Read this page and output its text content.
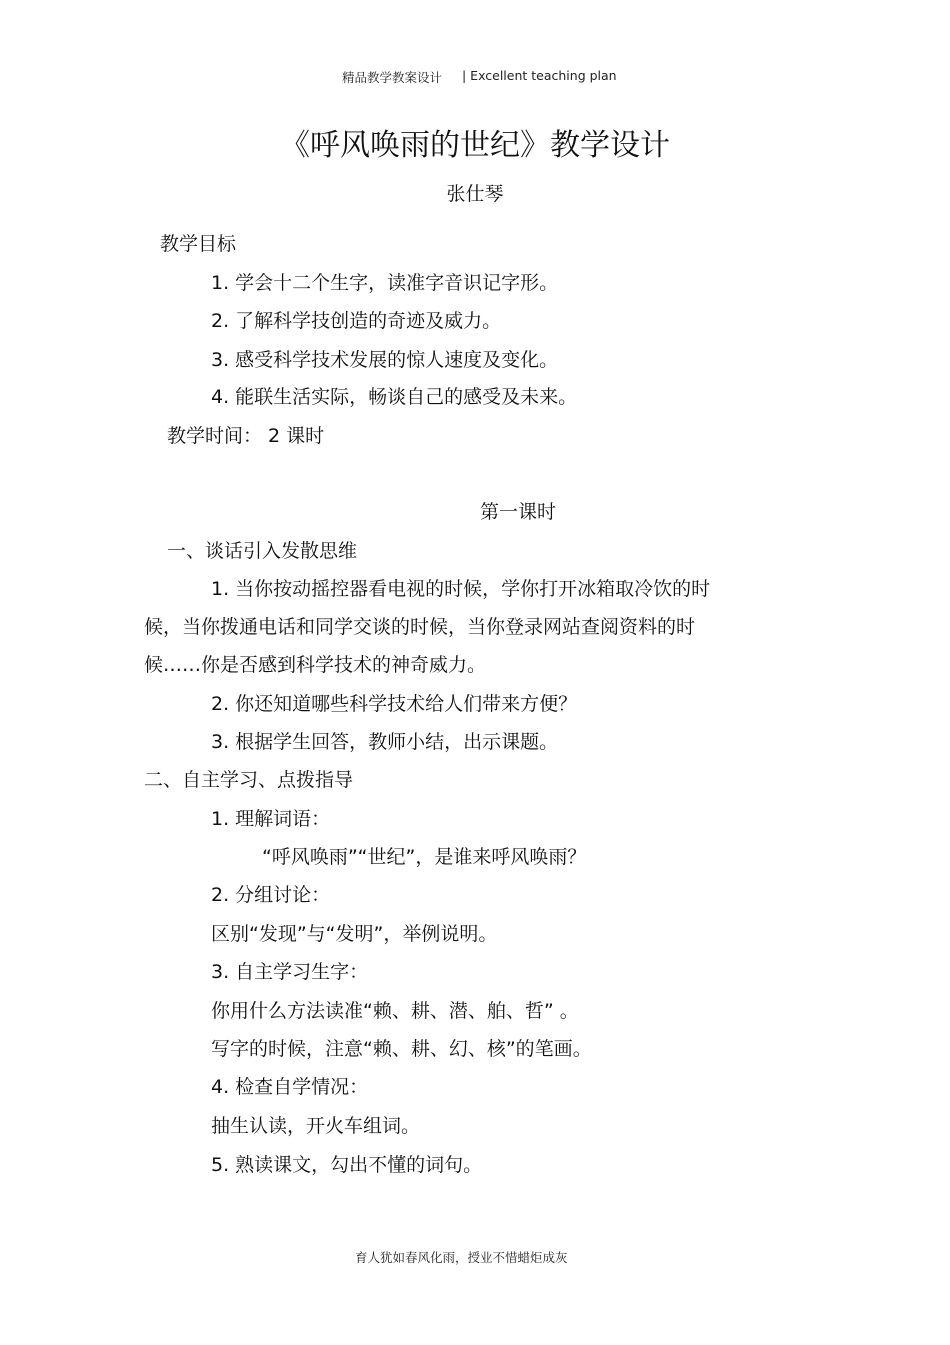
精品教学教案设计 | Excellent teaching plan
《呼风唤雨的世纪》教学设计
张仕琴
教学目标
1. 学会十二个生字，读准字音识记字形。
2. 了解科学技创造的奇迹及威力。
3. 感受科学技术发展的惊人速度及变化。
4. 能联生活实际，畅谈自己的感受及未来。
教学时间： 2 课时
第一课时
一、谈话引入发散思维
1. 当你按动摇控器看电视的时候，学你打开冰箱取冷饮的时
候，当你拨通电话和同学交谈的时候，当你登录网站查阅资料的时
候……你是否感到科学技术的神奇威力。
2. 你还知道哪些科学技术给人们带来方便？
3. 根据学生回答，教师小结，出示课题。
二、自主学习、点拨指导
1. 理解词语：
“呼风唤雨”“世纪”，是谁来呼风唤雨？
2. 分组讨论：
区别“发现”与“发明”，举例说明。
3. 自主学习生字：
你用什么方法读准“赖、耕、潜、舶、哲” 。
写字的时候，注意“赖、耕、幻、核”的笔画。
4. 检查自学情况：
抽生认读，开火车组词。
5. 熟读课文，勾出不懂的词句。
育人犹如春风化雨，授业不惜蜡炬成灰
